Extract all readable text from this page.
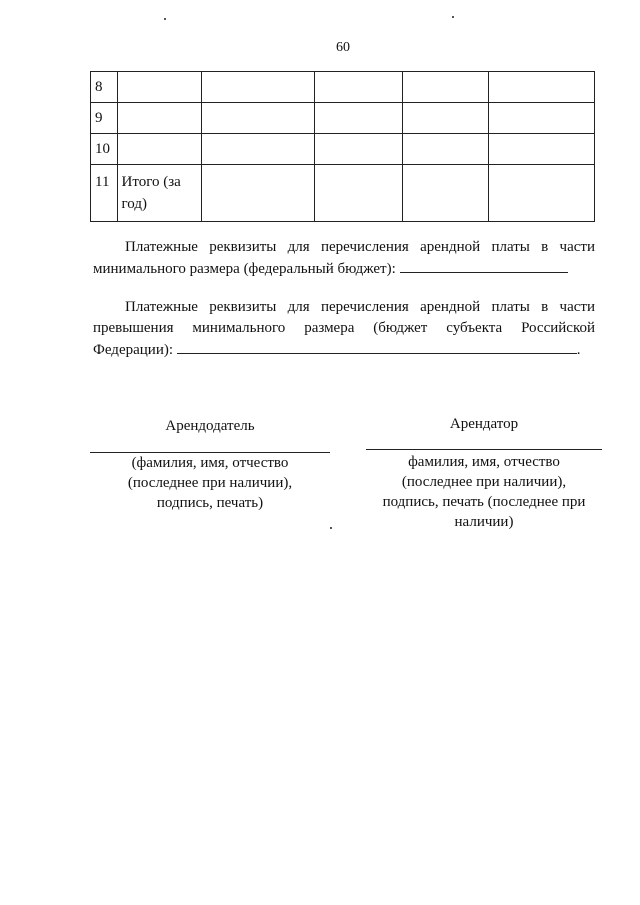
60
8					
9					
10					
11	Итого (за год)				
Платежные реквизиты для перечисления арендной платы в части минимального размера (федеральный бюджет):
Платежные реквизиты для перечисления арендной платы в части превышения минимального размера (бюджет субъекта Российской Федерации):	.
Арендодатель
(фамилия, имя, отчество (последнее при наличии), подпись, печать)
Арендатор
фамилия, имя, отчество (последнее при наличии), подпись, печать (последнее при наличии)
